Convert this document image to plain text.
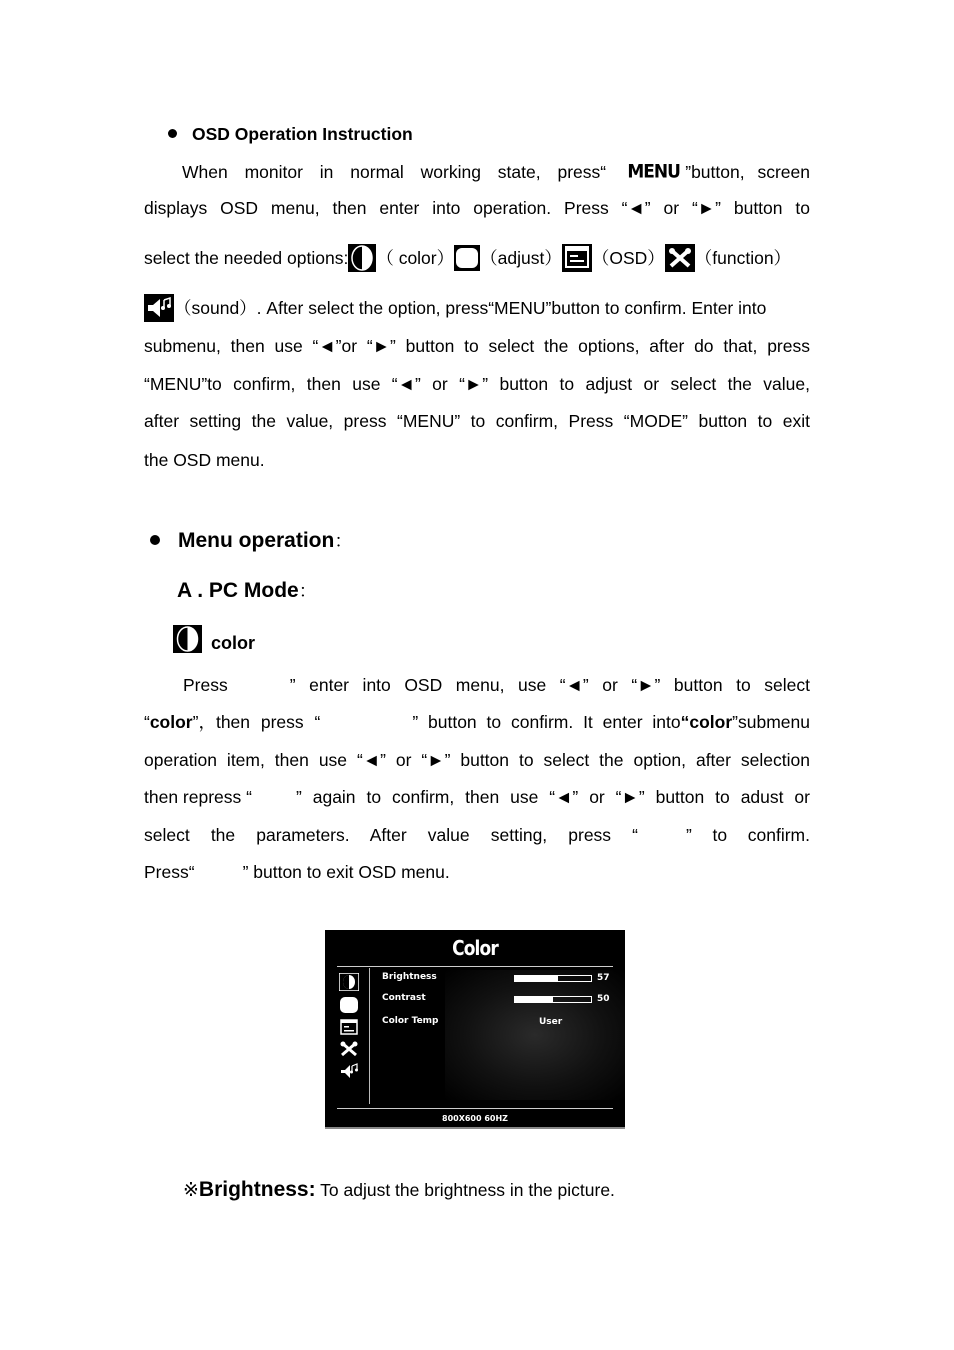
OSD Operation Instruction
When monitor in normal working state, press“ MENU ”button, screen
displays OSD menu, then enter into operation. Press “◄” or “►” button to
select the needed options: （ color） （adjust） （OSD） （function）
（sound）. After select the option, press“MENU”button to confirm. Enter into
submenu, then use “◄”or “►” button to select the options, after do that, press
“MENU”to confirm, then use “◄” or “►” button to adjust or select the value,
after setting the value, press “MENU” to confirm, Press “MODE” button to exit
the OSD menu.
Menu operation：
A . PC Mode：
color
Press	” enter into OSD menu, use “◄” or “►” button to select
“color”，then press “	” button to confirm. It enter into“color”submenu
operation item, then use “◄” or “►” button to select the option, after selection
then repress “	” again to confirm, then use “◄” or “►” button to adust or
select the parameters. After value setting, press “	” to confirm.
Press“	” button to exit OSD menu.
Color
Brightness	57
Contrast	50
Color Temp	User
800X600 60HZ
※Brightness: To adjust the brightness in the picture.
